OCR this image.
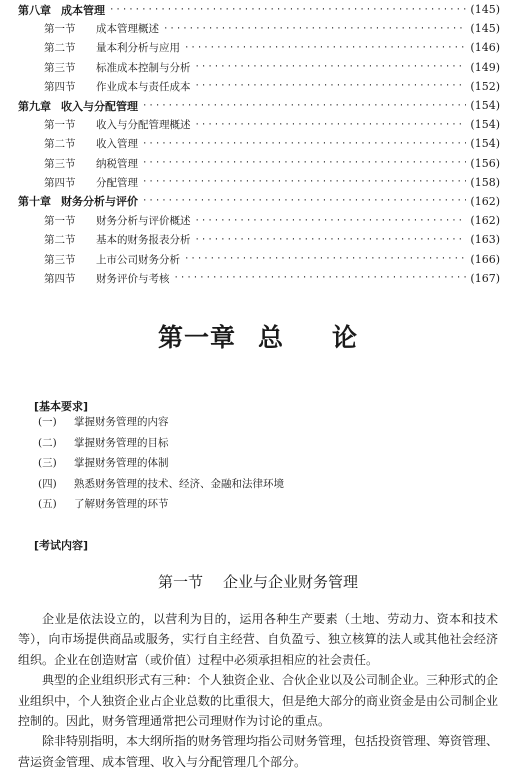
第八章 成本管理 ·····	(145)
第一节	成本管理概述 ·····	(145)
第二节	量本利分析与应用 ·····	(146)
第三节	标准成本控制与分析 ·····	(149)
第四节	作业成本与责任成本 ·····	(152)
第九章 收入与分配管理 ·····	(154)
第一节	收入与分配管理概述 ·····	(154)
第二节	收入管理 ·····	(154)
第三节	纳税管理 ·····	(156)
第四节	分配管理 ·····	(158)
第十章 财务分析与评价 ·····	(162)
第一节	财务分析与评价概述 ·····	(162)
第二节	基本的财务报表分析 ·····	(163)
第三节	上市公司财务分析 ·····	(166)
第四节	财务评价与考核 ·····	(167)
第一章 总 论
[基本要求]
(一)	掌握财务管理的内容
(二)	掌握财务管理的目标
(三)	掌握财务管理的体制
(四)	熟悉财务管理的技术、经济、金融和法律环境
(五)	了解财务管理的环节
[考试内容]
第一节 企业与企业财务管理

企业是依法设立的，以营利为目的，运用各种生产要素（土地、劳动力、资本和技术等），向市场提供商品或服务，实行自主经营、自负盈亏、独立核算的法人或其他社会经济组织。企业在创造财富（或价值）过程中必须承担相应的社会责任。

典型的企业组织形式有三种：个人独资企业、合伙企业以及公司制企业。三种形式的企业组织中，个人独资企业占企业总数的比重很大，但是绝大部分的商业资金是由公司制企业控制的。因此，财务管理通常把公司理财作为讨论的重点。

除非特别指明，本大纲所指的财务管理均指公司财务管理，包括投资管理、筹资管理、营运资金管理、成本管理、收入与分配管理几个部分。
